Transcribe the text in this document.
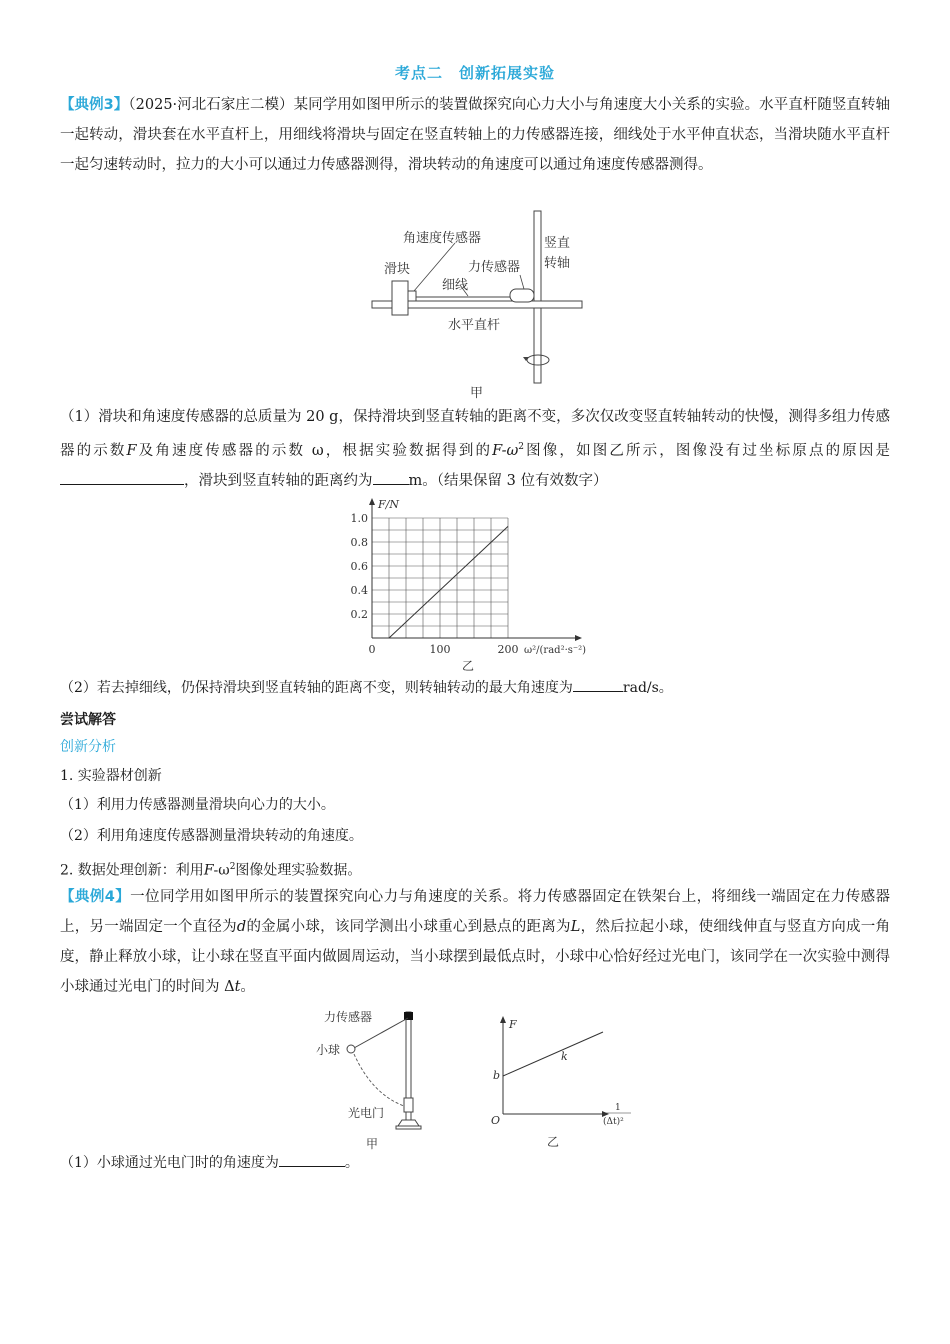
考点二　创新拓展实验

【典例3】（2025·河北石家庄二模）某同学用如图甲所示的装置做探究向心力大小与角速度大小关系的实验。水平直杆随竖直转轴一起转动，滑块套在水平直杆上，用细线将滑块与固定在竖直转轴上的力传感器连接，细线处于水平伸直状态，当滑块随水平直杆一起匀速转动时，拉力的大小可以通过力传感器测得，滑块转动的角速度可以通过角速度传感器测得。

角速度传感器
滑块	力传感器
细线
竖直
转轴
水平直杆
甲

（1）滑块和角速度传感器的总质量为 20 g，保持滑块到竖直转轴的距离不变，多次仅改变竖直转轴转动的快慢，测得多组力传感器的示数F及角速度传感器的示数 ω，根据实验数据得到的$F-\omega^2$图像，如图乙所示，图像没有过坐标原点的原因是，滑块到竖直转轴的距离约为 m。（结果保留 3 位有效数字）

0.2
0.4
0.6
0.8
1.0
0	100	200
F/N
ω²/(rad²·s⁻²)
乙
（2）若去掉细线，仍保持滑块到竖直转轴的距离不变，则转轴转动的最大角速度为	rad/s。
尝试解答
创新分析
1. 实验器材创新
（1）利用力传感器测量滑块向心力的大小。
（2）利用角速度传感器测量滑块转动的角速度。
2. 数据处理创新：利用$F-\omega^2$图像处理实验数据。

【典例4】一位同学用如图甲所示的装置探究向心力与角速度的关系。将力传感器固定在铁架台上，将细线一端固定在力传感器上，另一端固定一个直径为d的金属小球，该同学测出小球重心到悬点的距离为L，然后拉起小球，使细线伸直与竖直方向成一角度，静止释放小球，让小球在竖直平面内做圆周运动，当小球摆到最低点时，小球中心恰好经过光电门，该同学在一次实验中测得小球通过光电门的时间为 Δt。

力传感器
小球
光电门
甲
F
k
b
O
1
(Δt)²
乙
（1）小球通过光电门时的角速度为	。
